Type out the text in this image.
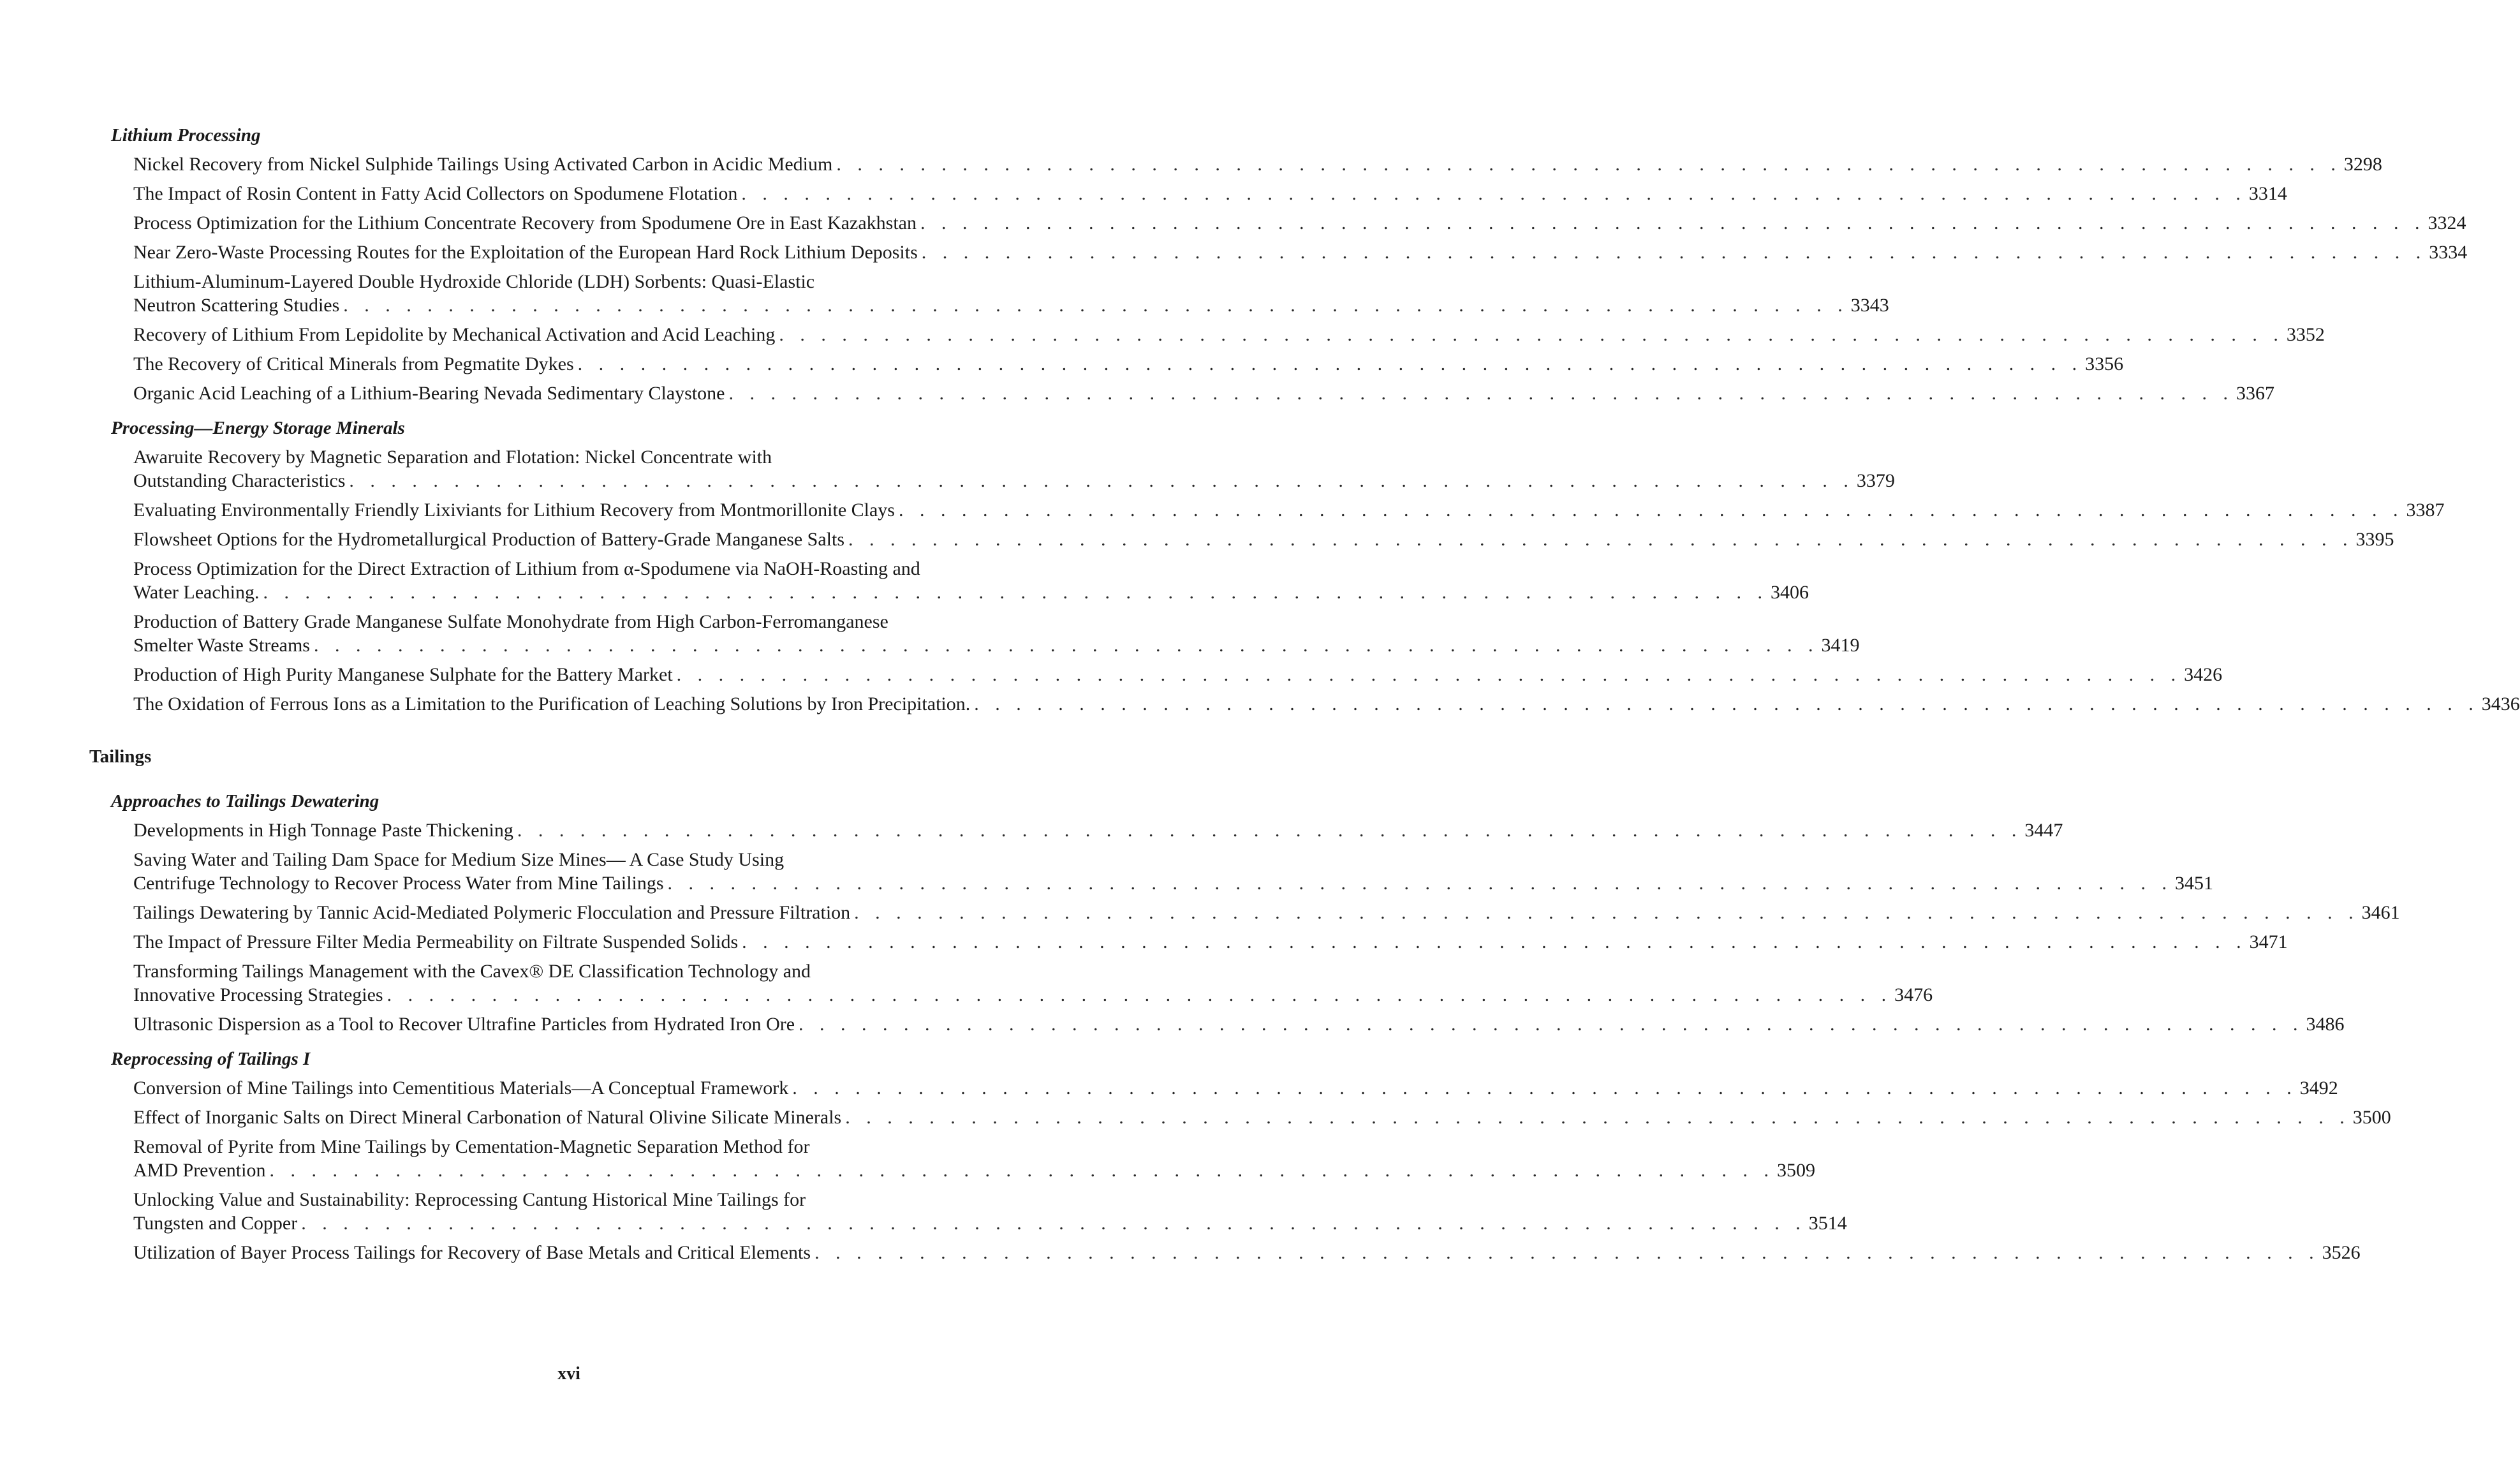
xvi
Lithium Processing
Nickel Recovery from Nickel Sulphide Tailings Using Activated Carbon in Acidic Medium . . . . . . . . . . . . . . . . . . . . . . . . . . . . . . . . . . . . . . . . . . . . . . . . . . . . . . . . . . . . . . . . . . . . . . . . 3298
The Impact of Rosin Content in Fatty Acid Collectors on Spodumene Flotation . . . . . . . . . . . . . . . . . . . . . . . . . . . . . . . . . . . . . . . . . . . . . . . . . . . . . . . . . . . . . . . . . . . . . . . . 3314
Process Optimization for the Lithium Concentrate Recovery from Spodumene Ore in East Kazakhstan . . . . . . . . . . . . . . . . . . . . . . . . . . . . . . . . . . . . . . . . . . . . . . . . . . . . . . . . . . . . . . . . . . . . . . . . 3324
Near Zero-Waste Processing Routes for the Exploitation of the European Hard Rock Lithium Deposits . . . . . . . . . . . . . . . . . . . . . . . . . . . . . . . . . . . . . . . . . . . . . . . . . . . . . . . . . . . . . . . . . . . . . . . . 3334
Lithium-Aluminum-Layered Double Hydroxide Chloride (LDH) Sorbents: Quasi-Elastic
Neutron Scattering Studies . . . . . . . . . . . . . . . . . . . . . . . . . . . . . . . . . . . . . . . . . . . . . . . . . . . . . . . . . . . . . . . . . . . . . . . . 3343
Recovery of Lithium From Lepidolite by Mechanical Activation and Acid Leaching . . . . . . . . . . . . . . . . . . . . . . . . . . . . . . . . . . . . . . . . . . . . . . . . . . . . . . . . . . . . . . . . . . . . . . . . 3352
The Recovery of Critical Minerals from Pegmatite Dykes . . . . . . . . . . . . . . . . . . . . . . . . . . . . . . . . . . . . . . . . . . . . . . . . . . . . . . . . . . . . . . . . . . . . . . . . 3356
Organic Acid Leaching of a Lithium-Bearing Nevada Sedimentary Claystone . . . . . . . . . . . . . . . . . . . . . . . . . . . . . . . . . . . . . . . . . . . . . . . . . . . . . . . . . . . . . . . . . . . . . . . . 3367
Processing—Energy Storage Minerals
Awaruite Recovery by Magnetic Separation and Flotation: Nickel Concentrate with
Outstanding Characteristics . . . . . . . . . . . . . . . . . . . . . . . . . . . . . . . . . . . . . . . . . . . . . . . . . . . . . . . . . . . . . . . . . . . . . . . . 3379
Evaluating Environmentally Friendly Lixiviants for Lithium Recovery from Montmorillonite Clays . . . . . . . . . . . . . . . . . . . . . . . . . . . . . . . . . . . . . . . . . . . . . . . . . . . . . . . . . . . . . . . . . . . . . . . . 3387
Flowsheet Options for the Hydrometallurgical Production of Battery-Grade Manganese Salts . . . . . . . . . . . . . . . . . . . . . . . . . . . . . . . . . . . . . . . . . . . . . . . . . . . . . . . . . . . . . . . . . . . . . . . . 3395
Process Optimization for the Direct Extraction of Lithium from α-Spodumene via NaOH-Roasting and
Water Leaching. . . . . . . . . . . . . . . . . . . . . . . . . . . . . . . . . . . . . . . . . . . . . . . . . . . . . . . . . . . . . . . . . . . . . . . . . 3406
Production of Battery Grade Manganese Sulfate Monohydrate from High Carbon-Ferromanganese
Smelter Waste Streams . . . . . . . . . . . . . . . . . . . . . . . . . . . . . . . . . . . . . . . . . . . . . . . . . . . . . . . . . . . . . . . . . . . . . . . . 3419
Production of High Purity Manganese Sulphate for the Battery Market . . . . . . . . . . . . . . . . . . . . . . . . . . . . . . . . . . . . . . . . . . . . . . . . . . . . . . . . . . . . . . . . . . . . . . . . 3426
The Oxidation of Ferrous Ions as a Limitation to the Purification of Leaching Solutions by Iron Precipitation. . . . . . . . . . . . . . . . . . . . . . . . . . . . . . . . . . . . . . . . . . . . . . . . . . . . . . . . . . . . . . . . . . . . . . . . . 3436
Tailings
Approaches to Tailings Dewatering
Developments in High Tonnage Paste Thickening . . . . . . . . . . . . . . . . . . . . . . . . . . . . . . . . . . . . . . . . . . . . . . . . . . . . . . . . . . . . . . . . . . . . . . . . 3447
Saving Water and Tailing Dam Space for Medium Size Mines— A Case Study Using
Centrifuge Technology to Recover Process Water from Mine Tailings . . . . . . . . . . . . . . . . . . . . . . . . . . . . . . . . . . . . . . . . . . . . . . . . . . . . . . . . . . . . . . . . . . . . . . . . 3451
Tailings Dewatering by Tannic Acid-Mediated Polymeric Flocculation and Pressure Filtration . . . . . . . . . . . . . . . . . . . . . . . . . . . . . . . . . . . . . . . . . . . . . . . . . . . . . . . . . . . . . . . . . . . . . . . . 3461
The Impact of Pressure Filter Media Permeability on Filtrate Suspended Solids . . . . . . . . . . . . . . . . . . . . . . . . . . . . . . . . . . . . . . . . . . . . . . . . . . . . . . . . . . . . . . . . . . . . . . . . 3471
Transforming Tailings Management with the Cavex® DE Classification Technology and
Innovative Processing Strategies . . . . . . . . . . . . . . . . . . . . . . . . . . . . . . . . . . . . . . . . . . . . . . . . . . . . . . . . . . . . . . . . . . . . . . . . 3476
Ultrasonic Dispersion as a Tool to Recover Ultrafine Particles from Hydrated Iron Ore . . . . . . . . . . . . . . . . . . . . . . . . . . . . . . . . . . . . . . . . . . . . . . . . . . . . . . . . . . . . . . . . . . . . . . . . 3486
Reprocessing of Tailings I
Conversion of Mine Tailings into Cementitious Materials—A Conceptual Framework . . . . . . . . . . . . . . . . . . . . . . . . . . . . . . . . . . . . . . . . . . . . . . . . . . . . . . . . . . . . . . . . . . . . . . . . 3492
Effect of Inorganic Salts on Direct Mineral Carbonation of Natural Olivine Silicate Minerals . . . . . . . . . . . . . . . . . . . . . . . . . . . . . . . . . . . . . . . . . . . . . . . . . . . . . . . . . . . . . . . . . . . . . . . . 3500
Removal of Pyrite from Mine Tailings by Cementation-Magnetic Separation Method for
AMD Prevention . . . . . . . . . . . . . . . . . . . . . . . . . . . . . . . . . . . . . . . . . . . . . . . . . . . . . . . . . . . . . . . . . . . . . . . . 3509
Unlocking Value and Sustainability: Reprocessing Cantung Historical Mine Tailings for
Tungsten and Copper . . . . . . . . . . . . . . . . . . . . . . . . . . . . . . . . . . . . . . . . . . . . . . . . . . . . . . . . . . . . . . . . . . . . . . . . 3514
Utilization of Bayer Process Tailings for Recovery of Base Metals and Critical Elements . . . . . . . . . . . . . . . . . . . . . . . . . . . . . . . . . . . . . . . . . . . . . . . . . . . . . . . . . . . . . . . . . . . . . . . . 3526
